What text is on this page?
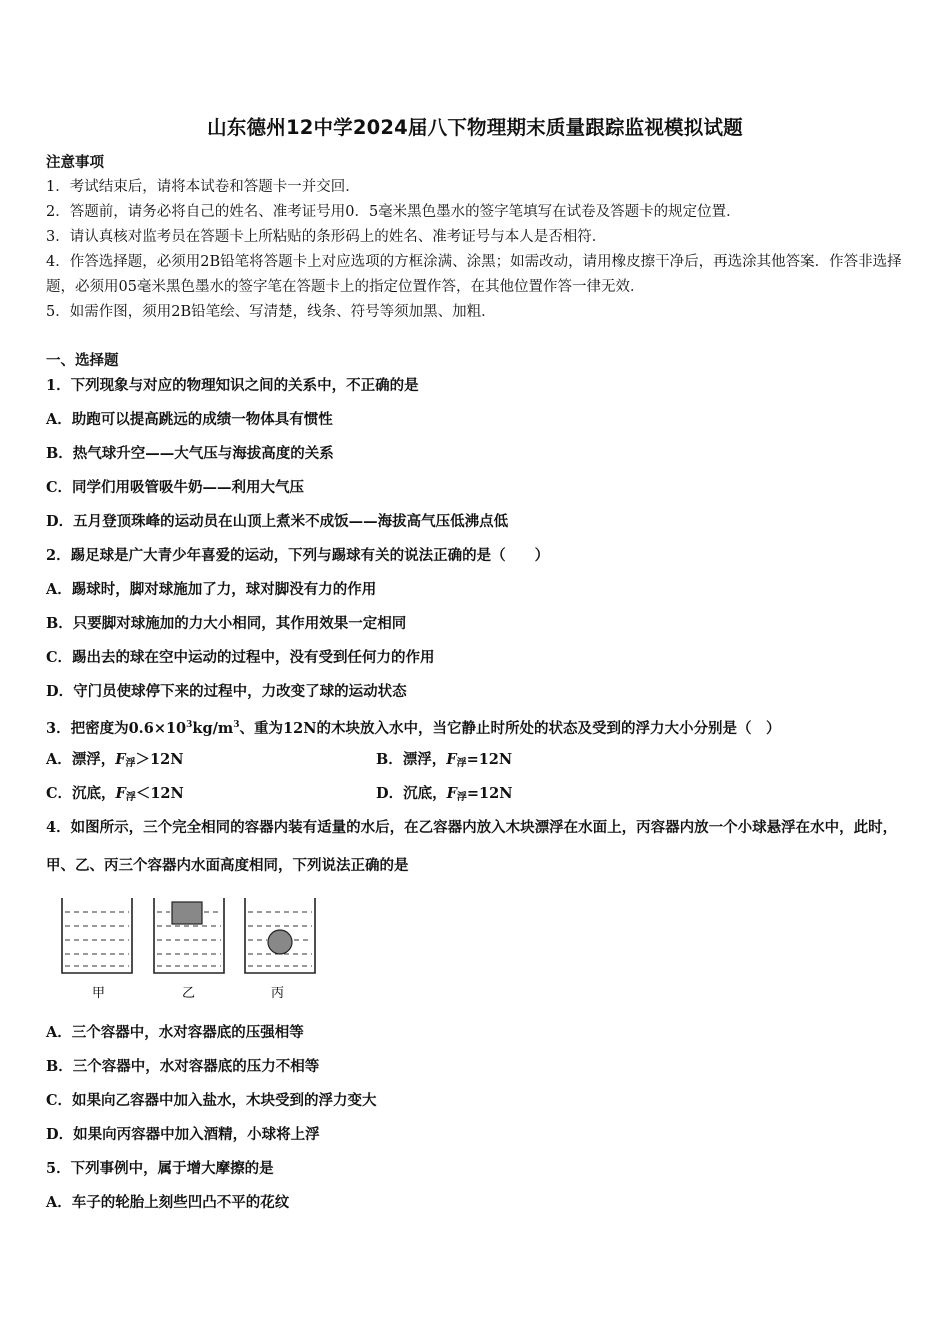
山东德州12中学2024届八下物理期末质量跟踪监视模拟试题
注意事项
1．考试结束后，请将本试卷和答题卡一并交回．
2．答题前，请务必将自己的姓名、准考证号用0．5毫米黑色墨水的签字笔填写在试卷及答题卡的规定位置．
3．请认真核对监考员在答题卡上所粘贴的条形码上的姓名、准考证号与本人是否相符．
4．作答选择题，必须用2B铅笔将答题卡上对应选项的方框涂满、涂黑；如需改动，请用橡皮擦干净后，再选涂其他答案．作答非选择题，必须用05毫米黑色墨水的签字笔在答题卡上的指定位置作答，在其他位置作答一律无效．
5．如需作图，须用2B铅笔绘、写清楚，线条、符号等须加黑、加粗．
一、选择题
1．下列现象与对应的物理知识之间的关系中，不正确的是
A．助跑可以提高跳远的成绩一物体具有惯性
B．热气球升空——大气压与海拔高度的关系
C．同学们用吸管吸牛奶——利用大气压
D．五月登顶珠峰的运动员在山顶上煮米不成饭——海拔高气压低沸点低
2．踢足球是广大青少年喜爱的运动，下列与踢球有关的说法正确的是（　　）
A．踢球时，脚对球施加了力，球对脚没有力的作用
B．只要脚对球施加的力大小相同，其作用效果一定相同
C．踢出去的球在空中运动的过程中，没有受到任何力的作用
D．守门员使球停下来的过程中，力改变了球的运动状态
3．把密度为$0.6\times 10^3kg/m^3$、重为12N的木块放入水中，当它静止时所处的状态及受到的浮力大小分别是（　）
A．漂浮，$F_浮>12N$	B．漂浮，$F_浮=12N$
C．沉底，$F_浮<12N$	D．沉底，$F_浮=12N$
4．如图所示，三个完全相同的容器内装有适量的水后，在乙容器内放入木块漂浮在水面上，丙容器内放一个小球悬浮在水中，此时，甲、乙、丙三个容器内水面高度相同，下列说法正确的是
甲	乙	丙
A．三个容器中，水对容器底的压强相等
B．三个容器中，水对容器底的压力不相等
C．如果向乙容器中加入盐水，木块受到的浮力变大
D．如果向丙容器中加入酒精，小球将上浮
5．下列事例中，属于增大摩擦的是
A．车子的轮胎上刻些凹凸不平的花纹
